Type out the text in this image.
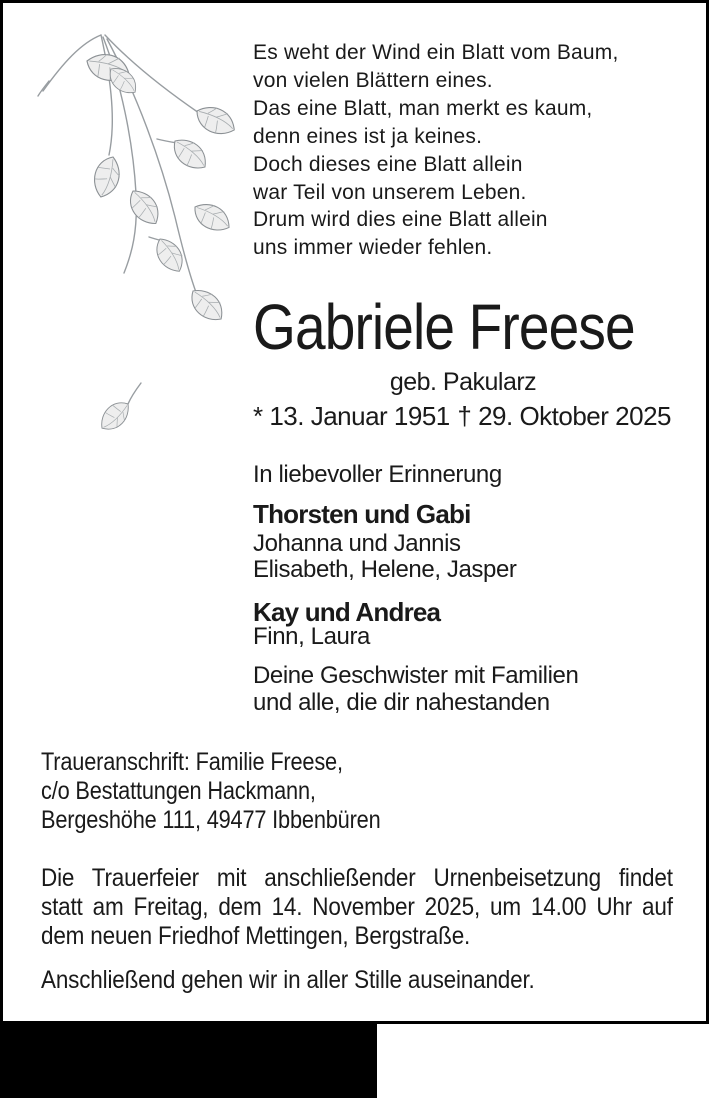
Es weht der Wind ein Blatt vom Baum,
von vielen Blättern eines.
Das eine Blatt, man merkt es kaum,
denn eines ist ja keines.
Doch dieses eine Blatt allein
war Teil von unserem Leben.
Drum wird dies eine Blatt allein
uns immer wieder fehlen.
Gabriele Freese
geb. Pakularz
* 13. Januar 1951 † 29. Oktober 2025
In liebevoller Erinnerung
Thorsten und Gabi
Johanna und Jannis
Elisabeth, Helene, Jasper
Kay und Andrea
Finn, Laura
Deine Geschwister mit Familien
und alle, die dir nahestanden
Traueranschrift: Familie Freese,
c/o Bestattungen Hackmann,
Bergeshöhe 111, 49477 Ibbenbüren
Die Trauerfeier mit anschließender Urnenbeisetzung findet
statt am Freitag, dem 14. November 2025, um 14.00 Uhr auf
dem neuen Friedhof Mettingen, Bergstraße.
Anschließend gehen wir in aller Stille auseinander.
